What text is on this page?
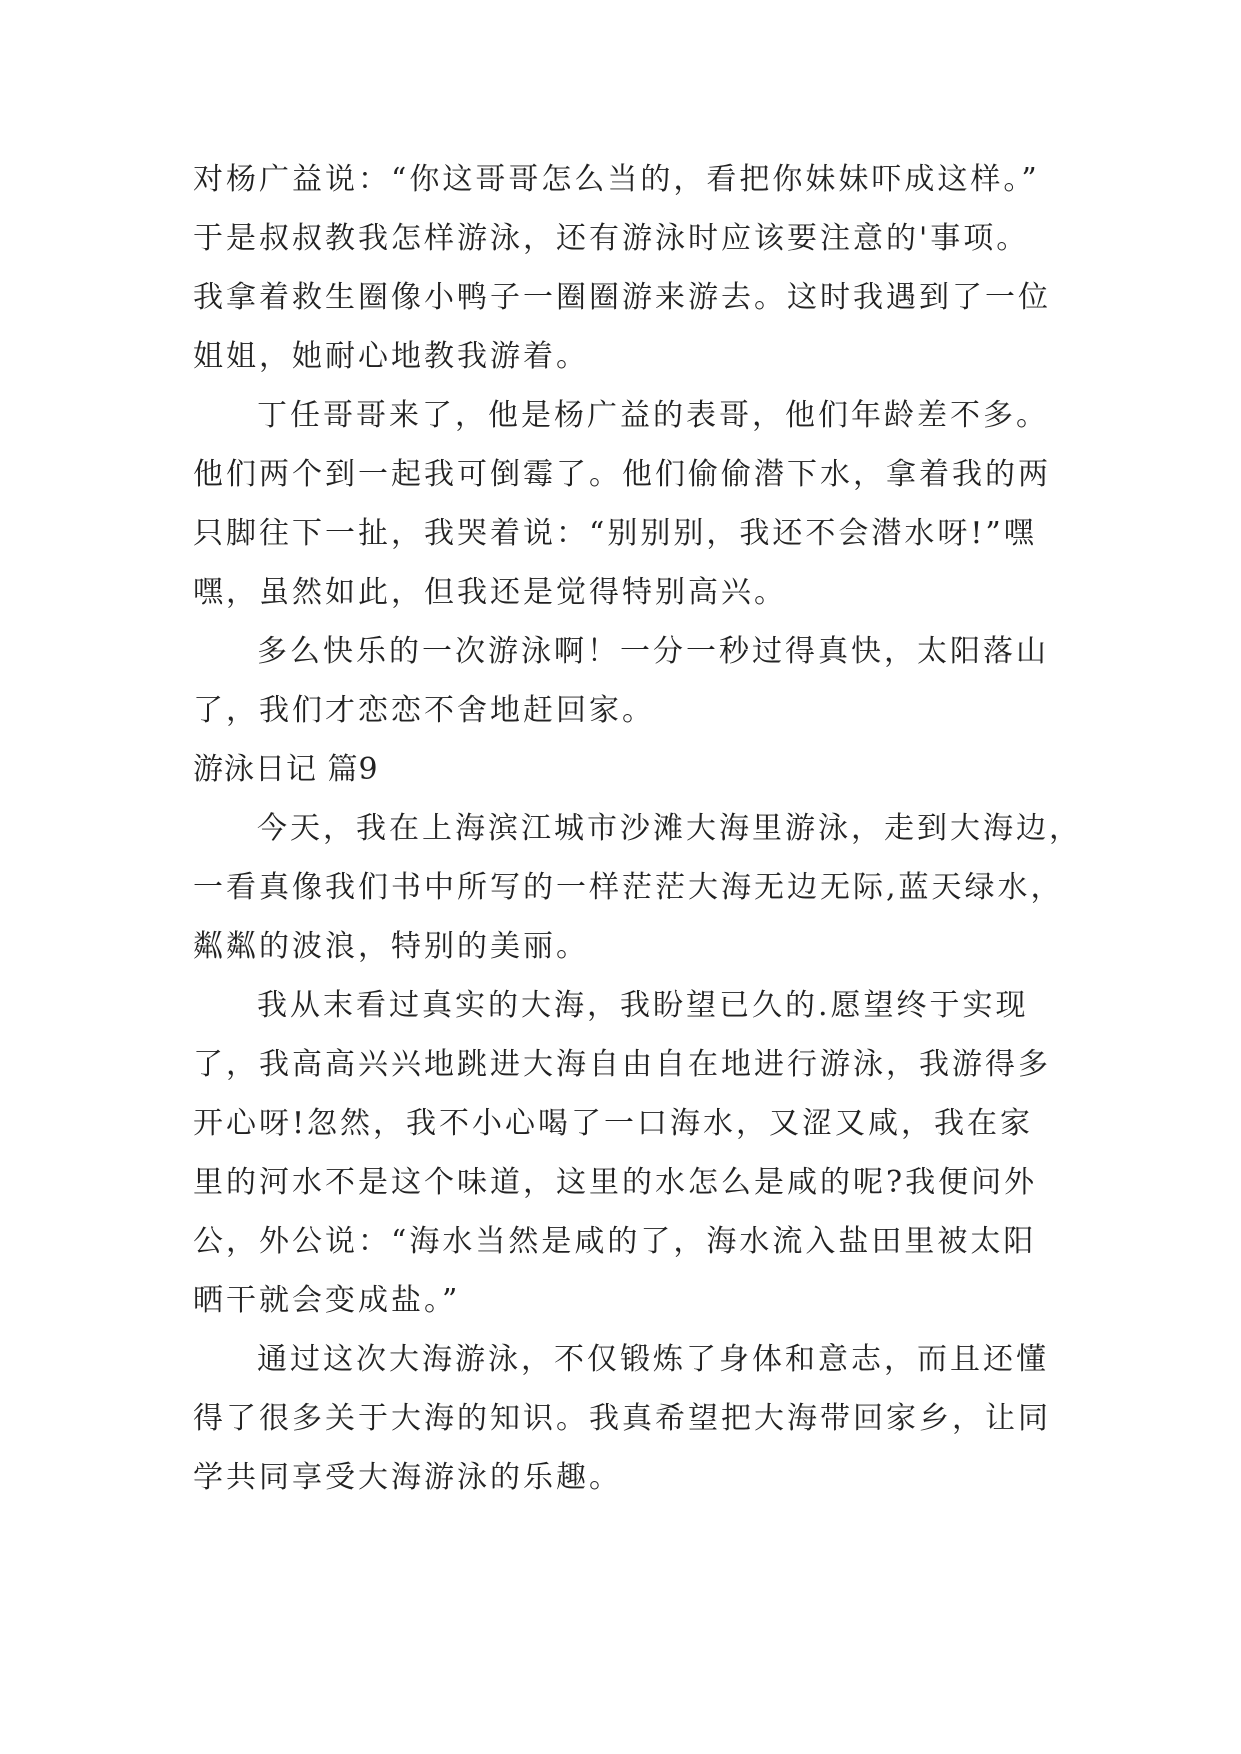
对杨广益说：“你这哥哥怎么当的，看把你妹妹吓成这样。”
于是叔叔教我怎样游泳，还有游泳时应该要注意的'事项。
我拿着救生圈像小鸭子一圈圈游来游去。这时我遇到了一位
姐姐，她耐心地教我游着。
丁任哥哥来了，他是杨广益的表哥，他们年龄差不多。
他们两个到一起我可倒霉了。他们偷偷潜下水，拿着我的两
只脚往下一扯，我哭着说：“别别别，我还不会潜水呀!”嘿
嘿，虽然如此，但我还是觉得特别高兴。
多么快乐的一次游泳啊！一分一秒过得真快，太阳落山
了，我们才恋恋不舍地赶回家。
游泳日记 篇9
今天，我在上海滨江城市沙滩大海里游泳，走到大海边，
一看真像我们书中所写的一样茫茫大海无边无际,蓝天绿水，
粼粼的波浪，特别的美丽。
我从末看过真实的大海，我盼望已久的.愿望终于实现
了，我高高兴兴地跳进大海自由自在地进行游泳，我游得多
开心呀!忽然，我不小心喝了一口海水，又涩又咸，我在家
里的河水不是这个味道，这里的水怎么是咸的呢?我便问外
公，外公说：“海水当然是咸的了，海水流入盐田里被太阳
晒干就会变成盐。”
通过这次大海游泳，不仅锻炼了身体和意志，而且还懂
得了很多关于大海的知识。我真希望把大海带回家乡，让同
学共同享受大海游泳的乐趣。
